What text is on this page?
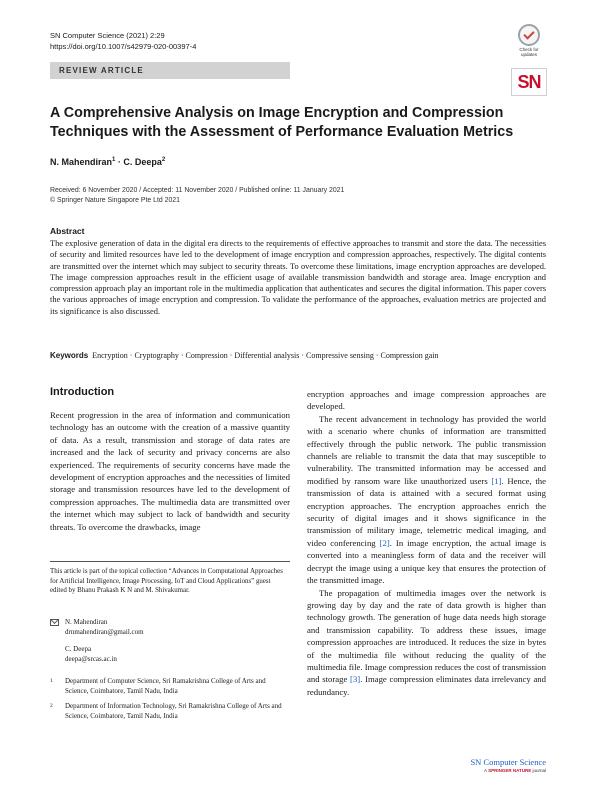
SN Computer Science (2021) 2:29
https://doi.org/10.1007/s42979-020-00397-4	Check for updates
SN
REVIEW ARTICLE
A Comprehensive Analysis on Image Encryption and Compression Techniques with the Assessment of Performance Evaluation Metrics
N. Mahendiran$^1$ · C. Deepa$^2$
Received: 6 November 2020 / Accepted: 11 November 2020 / Published online: 11 January 2021
© Springer Nature Singapore Pte Ltd 2021
Abstract
The explosive generation of data in the digital era directs to the requirements of effective approaches to transmit and store the data. The necessities of security and limited resources have led to the development of image encryption and compression approaches, respectively. The digital contents are transmitted over the internet which may subject to security threats. To overcome these limitations, image encryption approaches are developed. The image compression approaches result in the efficient usage of available transmission bandwidth and storage area. Image encryption and compression approach play an important role in the multimedia application that authenticates and secures the digital information. This paper covers the various approaches of image encryption and compression. To validate the performance of the approaches, evaluation metrics are projected and its significance is also discussed.
Keywords Encryption · Cryptography · Compression · Differential analysis · Compressive sensing · Compression gain
Introduction

Recent progression in the area of information and communication technology has an outcome with the creation of a massive quantity of data. As a result, transmission and storage of data rates are increased and the lack of security and privacy concerns are also experienced. The requirements of security concerns have made the development of encryption approaches and the necessities of limited storage and transmission resources have led to the development of compression approaches. The multimedia data are transmitted over the internet which may subject to lack of bandwidth and security threats. To overcome the drawbacks, image

encryption approaches and image compression approaches are developed.

The recent advancement in technology has provided the world with a scenario where chunks of information are transmitted effectively through the public network. The public transmission channels are reliable to transmit the data that may susceptible to vulnerability. The transmitted information may be accessed and modified by ransom ware like unauthorized users [1]. Hence, the transmission of data is attained with a secured format using encryption approaches. The encryption approaches enrich the security of digital images and it shows significance in the transmission of military image, telemetric medical imaging, and video conferencing [2]. In image encryption, the actual image is converted into a meaningless form of data and the receiver will decrypt the image using a unique key that ensures the protection of the transmitted image.

The propagation of multimedia images over the network is growing day by day and the rate of data growth is higher than technology growth. The generation of huge data needs high storage and transmission capability. To address these issues, image compression approaches are introduced. It reduces the size in bytes of the multimedia file without reducing the quality of the multimedia file. Image compression reduces the cost of transmission and storage [3]. Image compression eliminates data irrelevancy and redundancy.

This article is part of the topical collection “Advances in Computational Approaches for Artificial Intelligence, Image Processing, IoT and Cloud Applications” guest edited by Bhanu Prakash K N and M. Shivakumar.
N. Mahendiran
drnmahendiran@gmail.com
C. Deepa
deepa@srcas.ac.in
1 Department of Computer Science, Sri Ramakrishna College of Arts and Science, Coimbatore, Tamil Nadu, India
2 Department of Information Technology, Sri Ramakrishna College of Arts and Science, Coimbatore, Tamil Nadu, India
SN Computer Science
A SPRINGER NATURE journal
